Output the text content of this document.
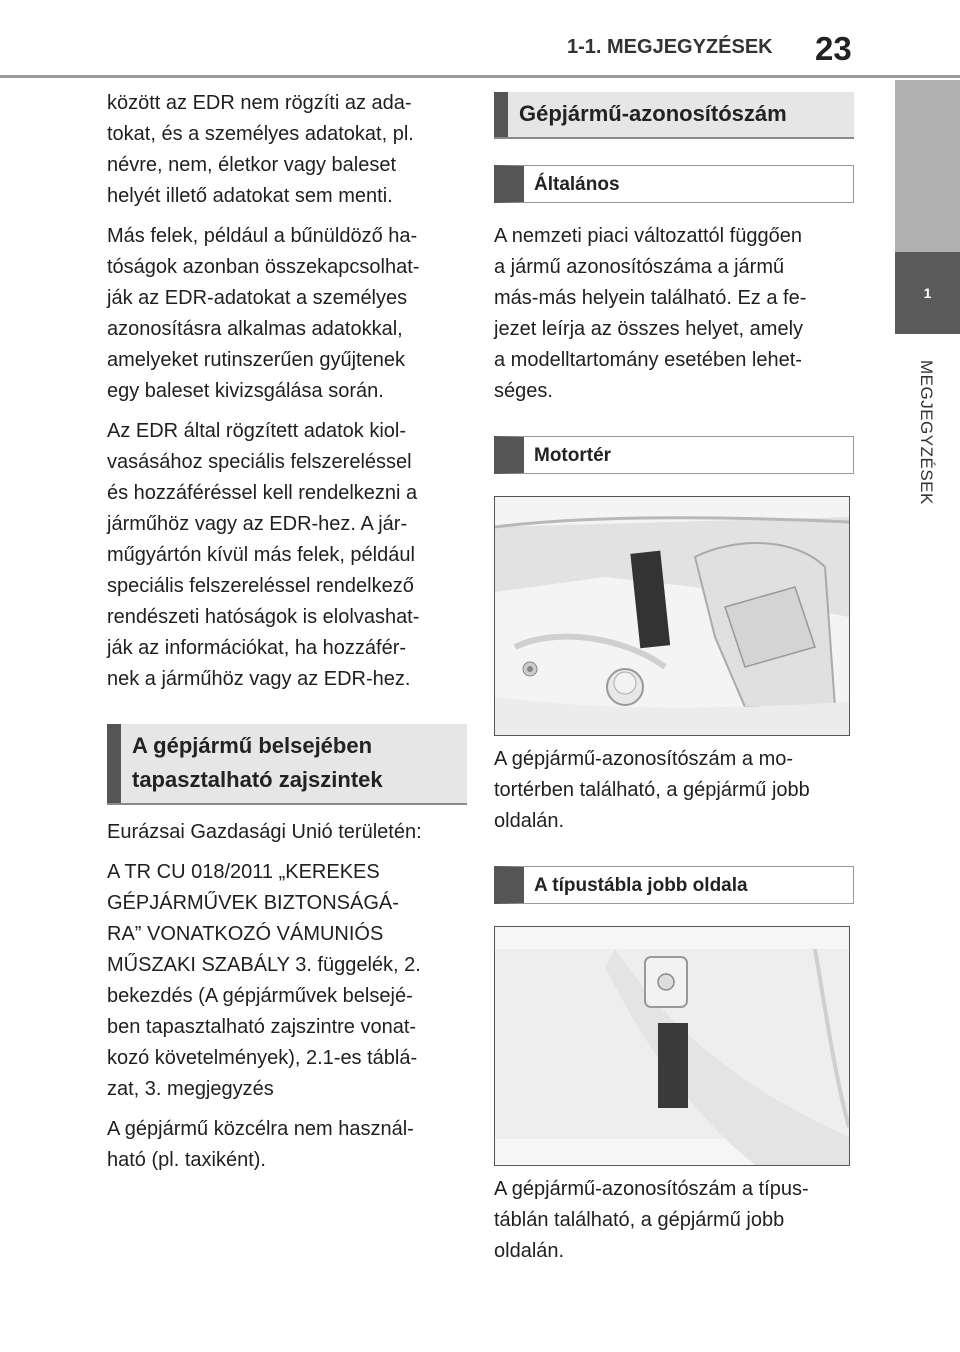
1-1. MEGJEGYZÉSEK 23
1
MEGJEGYZÉSEK

között az EDR nem rögzíti az ada-
tokat, és a személyes adatokat, pl.
névre, nem, életkor vagy baleset
helyét illető adatokat sem menti.

Más felek, például a bűnüldöző ha-
tóságok azonban összekapcsolhat-
ják az EDR-adatokat a személyes
azonosításra alkalmas adatokkal,
amelyeket rutinszerűen gyűjtenek
egy baleset kivizsgálása során.

Az EDR által rögzített adatok kiol-
vasásához speciális felszereléssel
és hozzáféréssel kell rendelkezni a
járműhöz vagy az EDR-hez. A jár-
műgyártón kívül más felek, például
speciális felszereléssel rendelkező
rendészeti hatóságok is elolvashat-
ják az információkat, ha hozzáfér-
nek a járműhöz vagy az EDR-hez.

A gépjármű belsejében
tapasztalható zajszintek

Eurázsai Gazdasági Unió területén:

A TR CU 018/2011 „KEREKES
GÉPJÁRMŰVEK BIZTONSÁGÁ-
RA” VONATKOZÓ VÁMUNIÓS
MŰSZAKI SZABÁLY 3. függelék, 2.
bekezdés (A gépjárművek belsejé-
ben tapasztalható zajszintre vonat-
kozó követelmények), 2.1-es táblá-
zat, 3. megjegyzés

A gépjármű közcélra nem használ-
ható (pl. taxiként).

Gépjármű-azonosítószám
Általános

A nemzeti piaci változattól függően
a jármű azonosítószáma a jármű
más-más helyein található. Ez a fe-
jezet leírja az összes helyet, amely
a modelltartomány esetében lehet-
séges.

Motortér

A gépjármű-azonosítószám a mo-
tortérben található, a gépjármű jobb
oldalán.

A típustábla jobb oldala

A gépjármű-azonosítószám a típus-
táblán található, a gépjármű jobb
oldalán.
